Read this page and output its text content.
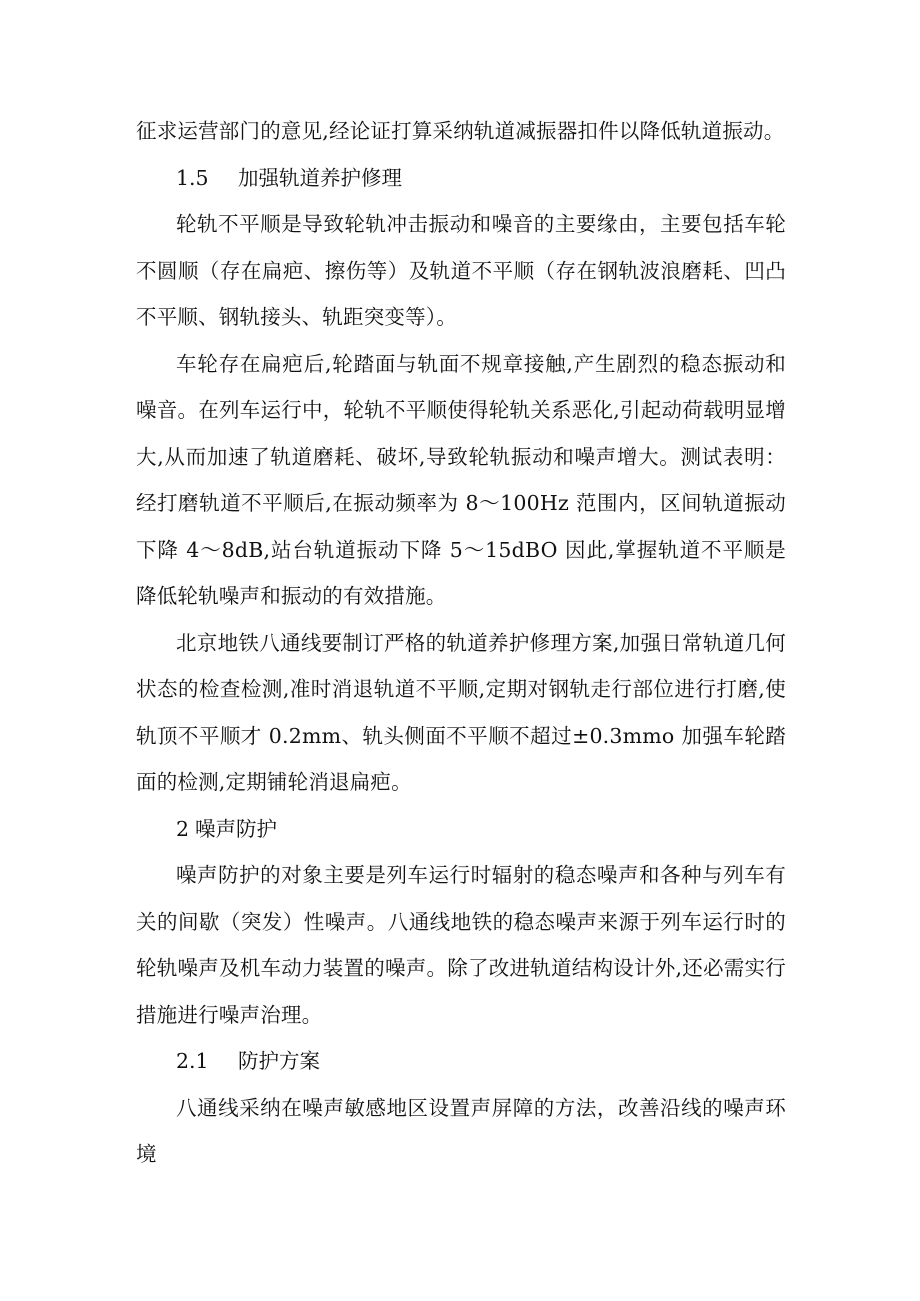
征求运营部门的意见,经论证打算采纳轨道减振器扣件以降低轨道振动。

1.5 加强轨道养护修理

轮轨不平顺是导致轮轨冲击振动和噪音的主要缘由，主要包括车轮不圆顺（存在扁疤、擦伤等）及轨道不平顺（存在钢轨波浪磨耗、凹凸不平顺、钢轨接头、轨距突变等）。

车轮存在扁疤后,轮踏面与轨面不规章接触,产生剧烈的稳态振动和噪音。在列车运行中，轮轨不平顺使得轮轨关系恶化,引起动荷载明显增大,从而加速了轨道磨耗、破坏,导致轮轨振动和噪声增大。测试表明：经打磨轨道不平顺后,在振动频率为 8～100Hz 范围内，区间轨道振动下降 4～8dB,站台轨道振动下降 5～15dBO 因此,掌握轨道不平顺是降低轮轨噪声和振动的有效措施。

北京地铁八通线要制订严格的轨道养护修理方案,加强日常轨道几何状态的检查检测,准时消退轨道不平顺,定期对钢轨走行部位进行打磨,使轨顶不平顺才 0.2mm、轨头侧面不平顺不超过±0.3mmo 加强车轮踏面的检测,定期铺轮消退扁疤。

2 噪声防护

噪声防护的对象主要是列车运行时辐射的稳态噪声和各种与列车有关的间歇（突发）性噪声。八通线地铁的稳态噪声来源于列车运行时的轮轨噪声及机车动力装置的噪声。除了改进轨道结构设计外,还必需实行措施进行噪声治理。

2.1 防护方案

八通线采纳在噪声敏感地区设置声屏障的方法，改善沿线的噪声环境
